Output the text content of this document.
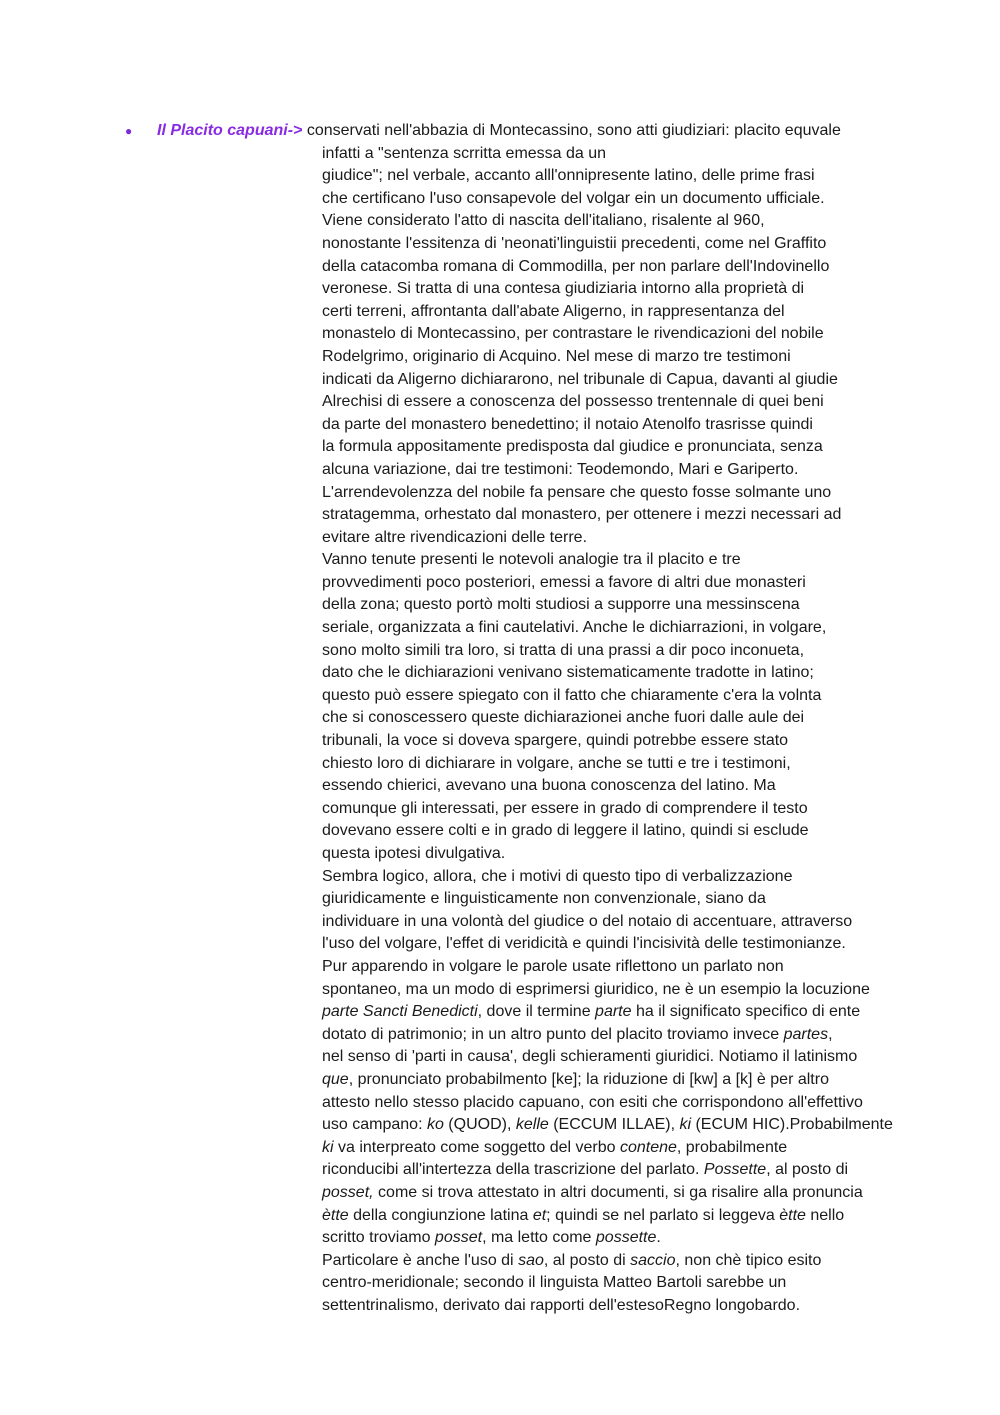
● Il Placito capuani-> conservati nell'abbazia di Montecassino, sono atti giudiziari: placito equvale
infatti a "sentenza scrritta emessa da un
giudice"; nel verbale, accanto alll'onnipresente latino, delle prime frasi
che certificano l'uso consapevole del volgar ein un documento ufficiale.
Viene considerato l'atto di nascita dell'italiano, risalente al 960,
nonostante l'essitenza di 'neonati'linguistii precedenti, come nel Graffito
della catacomba romana di Commodilla, per non parlare dell'Indovinello
veronese. Si tratta di una contesa giudiziaria intorno alla proprietà di
certi terreni, affrontanta dall'abate Aligerno, in rappresentanza del
monastelo di Montecassino, per contrastare le rivendicazioni del nobile
Rodelgrimo, originario di Acquino. Nel mese di marzo tre testimoni
indicati da Aligerno dichiararono, nel tribunale di Capua, davanti al giudie
Alrechisi di essere a conoscenza del possesso trentennale di quei beni
da parte del monastero benedettino; il notaio Atenolfo trasrisse quindi
la formula appositamente predisposta dal giudice e pronunciata, senza
alcuna variazione, dai tre testimoni: Teodemondo, Mari e Gariperto.
L'arrendevolenzza del nobile fa pensare che questo fosse solmante uno
stratagemma, orhestato dal monastero, per ottenere i mezzi necessari ad
evitare altre rivendicazioni delle terre.
Vanno tenute presenti le notevoli analogie tra il placito e tre
provvedimenti poco posteriori, emessi a favore di altri due monasteri
della zona; questo portò molti studiosi a supporre una messinscena
seriale, organizzata a fini cautelativi. Anche le dichiarrazioni, in volgare,
sono molto simili tra loro, si tratta di una prassi a dir poco inconueta,
dato che le dichiarazioni venivano sistematicamente tradotte in latino;
questo può essere spiegato con il fatto che chiaramente c'era la volnta
che si conoscessero queste dichiarazionei anche fuori dalle aule dei
tribunali, la voce si doveva spargere, quindi potrebbe essere stato
chiesto loro di dichiarare in volgare, anche se tutti e tre i testimoni,
essendo chierici, avevano una buona conoscenza del latino. Ma
comunque gli interessati, per essere in grado di comprendere il testo
dovevano essere colti e in grado di leggere il latino, quindi si esclude
questa ipotesi divulgativa.
Sembra logico, allora, che i motivi di questo tipo di verbalizzazione
giuridicamente e linguisticamente non convenzionale, siano da
individuare in una volontà del giudice o del notaio di accentuare, attraverso
l'uso del volgare, l'effet di veridicità e quindi l'incisività delle testimonianze.
Pur apparendo in volgare le parole usate riflettono un parlato non
spontaneo, ma un modo di esprimersi giuridico, ne è un esempio la locuzione
parte Sancti Benedicti, dove il termine parte ha il significato specifico di ente
dotato di patrimonio; in un altro punto del placito troviamo invece partes,
nel senso di 'parti in causa', degli schieramenti giuridici. Notiamo il latinismo
que, pronunciato probabilmento [ke]; la riduzione di [kw] a [k] è per altro
attesto nello stesso placido capuano, con esiti che corrispondono all'effettivo
uso campano: ko (QUOD), kelle (ECCUM ILLAE), ki (ECUM HIC).Probabilmente
ki va interpreato come soggetto del verbo contene, probabilmente
riconducibi all'intertezza della trascrizione del parlato. Possette, al posto di
posset, come si trova attestato in altri documenti, si ga risalire alla pronuncia
ètte della congiunzione latina et; quindi se nel parlato si leggeva ètte nello
scritto troviamo posset, ma letto come possette.
Particolare è anche l'uso di sao, al posto di saccio, non chè tipico esito
centro-meridionale; secondo il linguista Matteo Bartoli sarebbe un
settentrinalismo, derivato dai rapporti dell'estesoRegno longobardo.
